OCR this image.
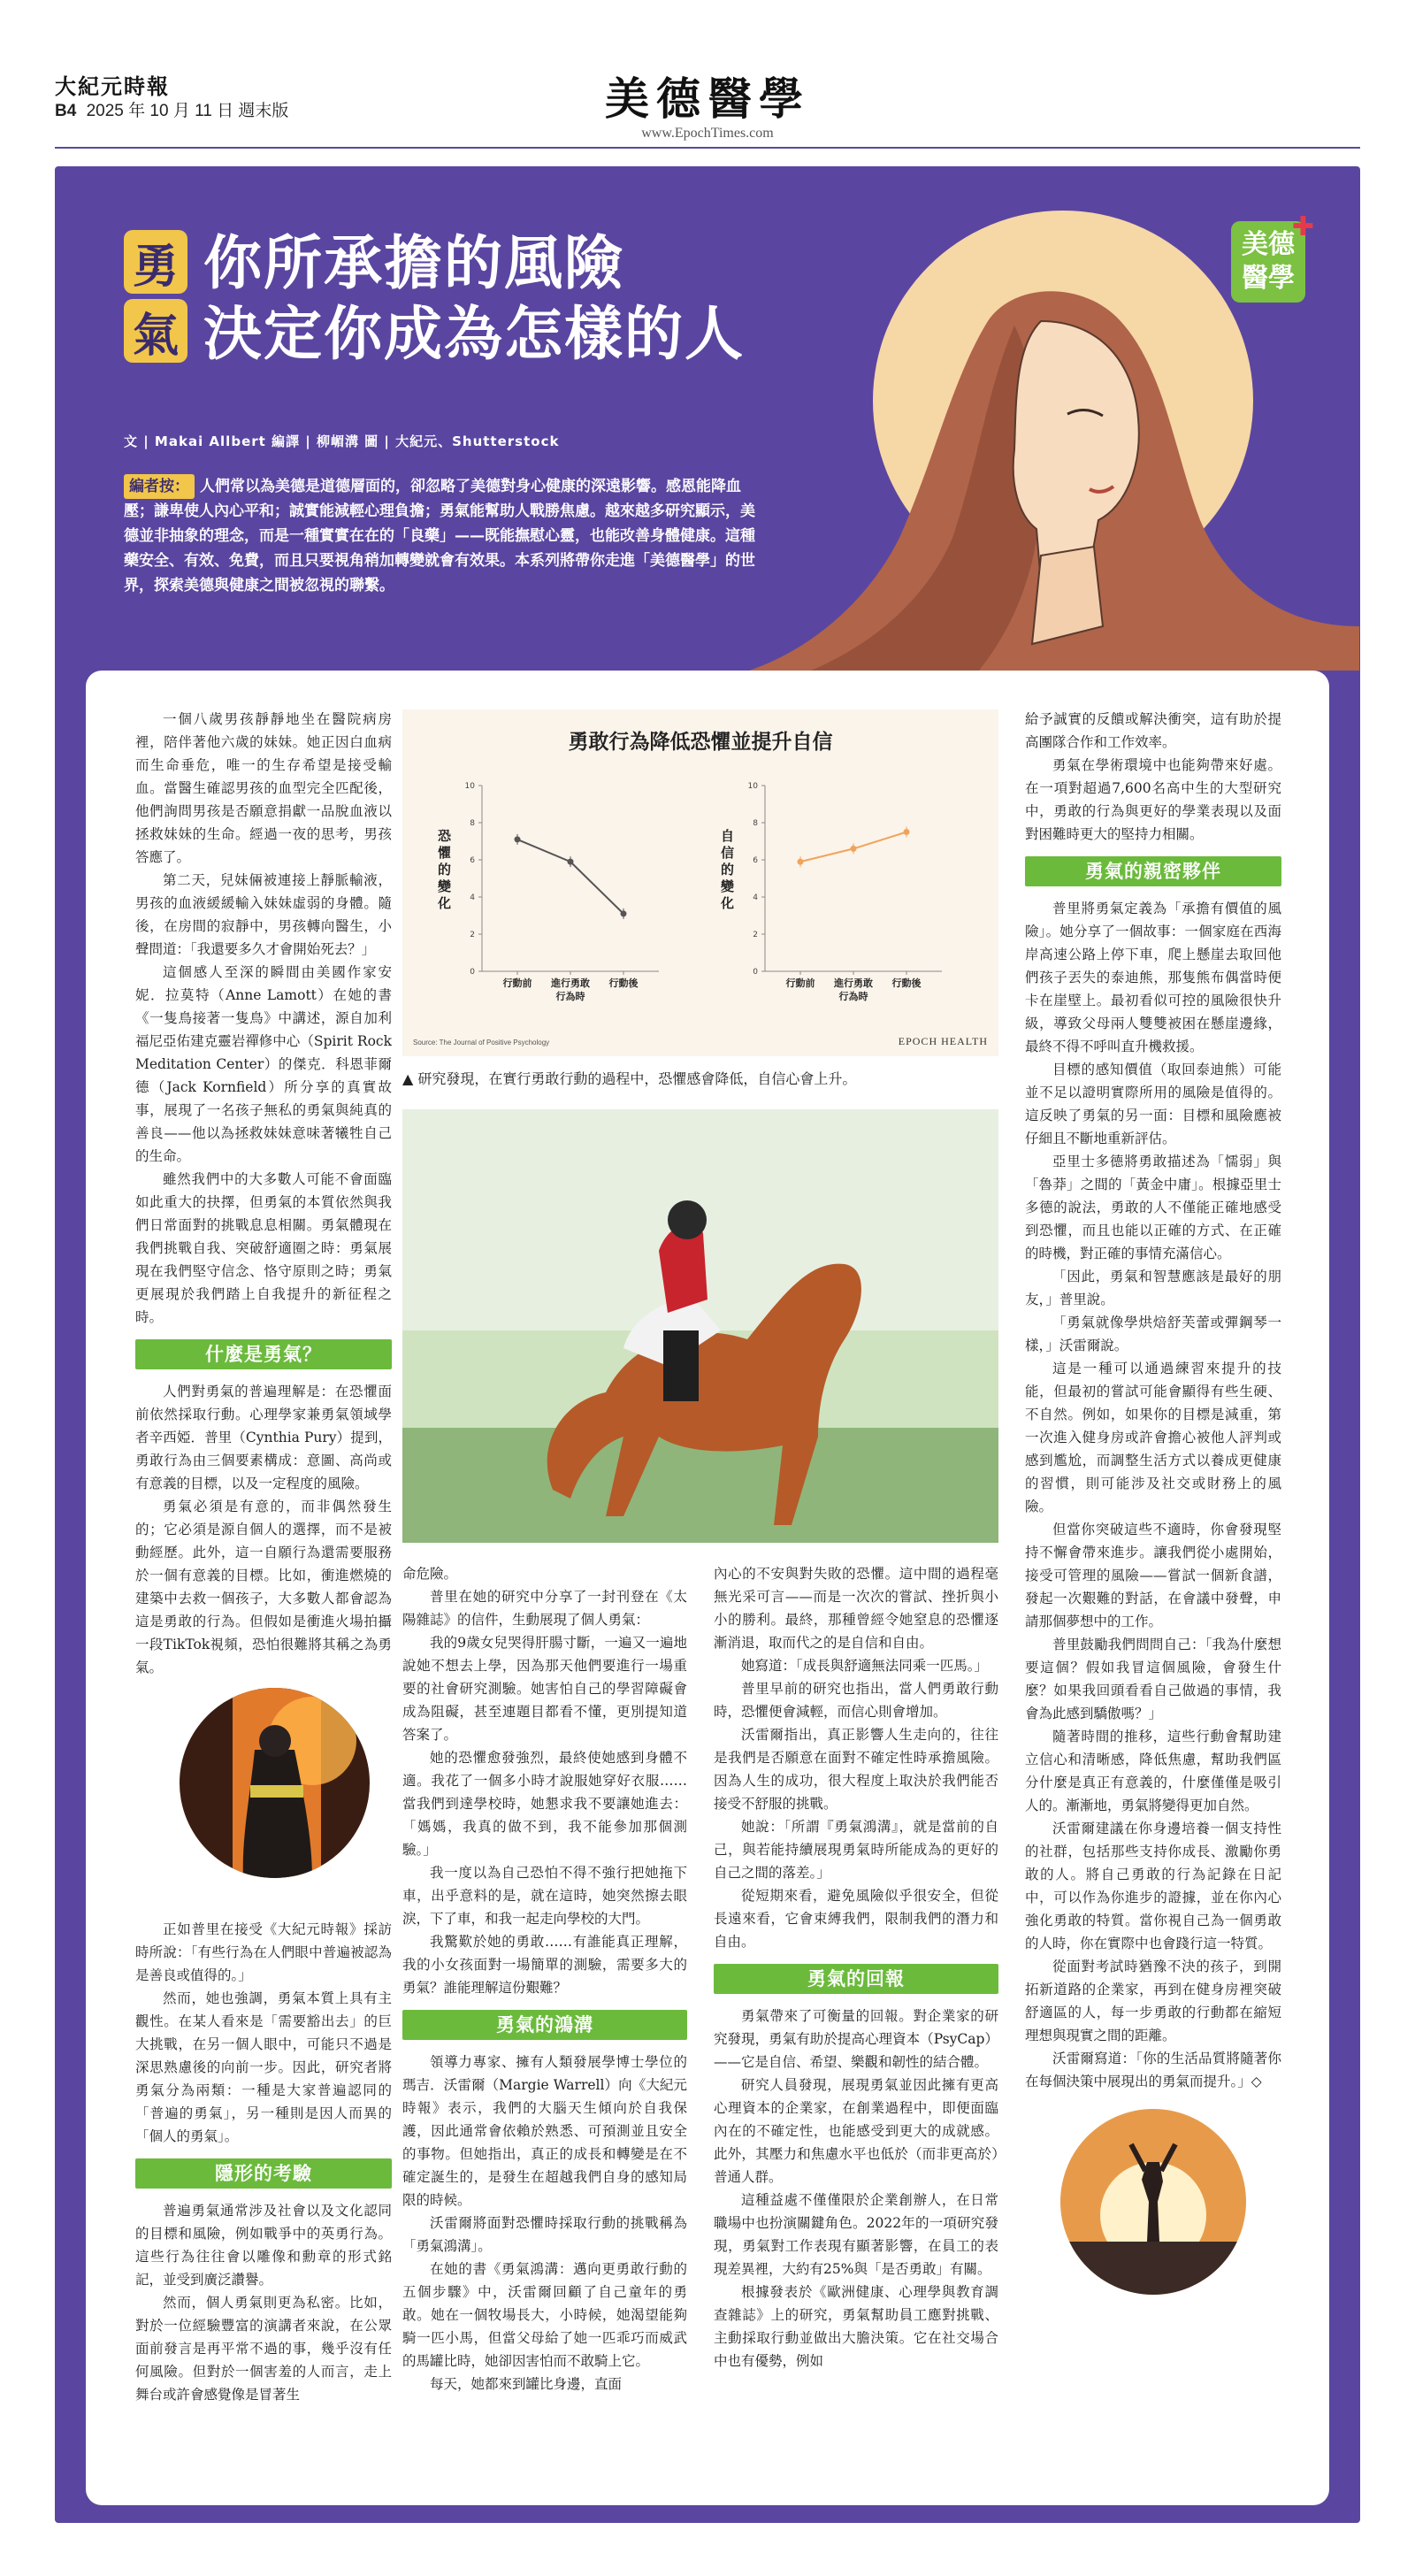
大紀元時報
B4 2025 年 10 月 11 日 週末版	美德醫學
www.EpochTimes.com
勇
氣
你所承擔的風險
決定你成為怎樣的人
✚
美德
醫學
文 | Makai Allbert 編譯 | 柳嵋溝 圖 | 大紀元、Shutterstock
編者按： 人們常以為美德是道德層面的，卻忽略了美德對身心健康的深遠影響。感恩能降血壓；謙卑使人內心平和；誠實能減輕心理負擔；勇氣能幫助人戰勝焦慮。越來越多研究顯示，美德並非抽象的理念，而是一種實實在在的「良藥」——既能撫慰心靈，也能改善身體健康。這種藥安全、有效、免費，而且只要視角稍加轉變就會有效果。本系列將帶你走進「美德醫學」的世界，探索美德與健康之間被忽視的聯繫。

一個八歲男孩靜靜地坐在醫院病房裡，陪伴著他六歲的妹妹。她正因白血病而生命垂危，唯一的生存希望是接受輸血。當醫生確認男孩的血型完全匹配後，他們詢問男孩是否願意捐獻一品脫血液以拯救妹妹的生命。經過一夜的思考，男孩答應了。

第二天，兒妹倆被連接上靜脈輸液，男孩的血液緩緩輸入妹妹虛弱的身體。隨後，在房間的寂靜中，男孩轉向醫生，小聲問道：「我還要多久才會開始死去？」

這個感人至深的瞬間由美國作家安妮．拉莫特（Anne Lamott）在她的書《一隻鳥接著一隻鳥》中講述，源自加利福尼亞佑建克靈岩禪修中心（Spirit Rock Meditation Center）的傑克．科恩菲爾德（Jack Kornfield）所分享的真實故事，展現了一名孩子無私的勇氣與純真的善良——他以為拯救妹妹意味著犧牲自己的生命。

雖然我們中的大多數人可能不會面臨如此重大的抉擇，但勇氣的本質依然與我們日常面對的挑戰息息相關。勇氣體現在我們挑戰自我、突破舒適圈之時：勇氣展現在我們堅守信念、恪守原則之時；勇氣更展現於我們踏上自我提升的新征程之時。

什麼是勇氣？

人們對勇氣的普遍理解是：在恐懼面前依然採取行動。心理學家兼勇氣領域學者辛西婭．普里（Cynthia Pury）提到，勇敢行為由三個要素構成：意圖、高尚或有意義的目標，以及一定程度的風險。

勇氣必須是有意的，而非偶然發生的；它必須是源自個人的選擇，而不是被動經歷。此外，這一自願行為還需要服務於一個有意義的目標。比如，衝進燃燒的建築中去救一個孩子，大多數人都會認為這是勇敢的行為。但假如是衝進火場拍攝一段TikTok視頻，恐怕很難將其稱之為勇氣。

正如普里在接受《大紀元時報》採訪時所說：「有些行為在人們眼中普遍被認為是善良或值得的。」

然而，她也強調，勇氣本質上具有主觀性。在某人看來是「需要豁出去」的巨大挑戰，在另一個人眼中，可能只不過是深思熟慮後的向前一步。因此，研究者將勇氣分為兩類：一種是大家普遍認同的「普遍的勇氣」，另一種則是因人而異的「個人的勇氣」。

隱形的考驗

普遍勇氣通常涉及社會以及文化認同的目標和風險，例如戰爭中的英勇行為。這些行為往往會以雕像和勳章的形式銘記，並受到廣泛讚譽。

然而，個人勇氣則更為私密。比如，對於一位經驗豐富的演講者來說，在公眾面前發言是再平常不過的事，幾乎沒有任何風險。但對於一個害羞的人而言，走上舞台或許會感覺像是冒著生

勇敢行為降低恐懼並提升自信
0
2
4
6
8
10
恐懼的變化
行動前 進行勇敢
行為時
行動後
0
2
4
6
8
10
自信的變化
行動前 進行勇敢
行為時
行動後
Source: The Journal of Positive Psychology	EPOCH HEALTH
▲ 研究發現，在實行勇敢行動的過程中，恐懼感會降低，自信心會上升。

命危險。

普里在她的研究中分享了一封刊登在《太陽雜誌》的信件，生動展現了個人勇氣：

我的9歲女兒哭得肝腸寸斷，一遍又一遍地說她不想去上學，因為那天他們要進行一場重要的社會研究測驗。她害怕自己的學習障礙會成為阻礙，甚至連題目都看不懂，更別提知道答案了。

她的恐懼愈發強烈，最終使她感到身體不適。我花了一個多小時才說服她穿好衣服……當我們到達學校時，她懇求我不要讓她進去：「媽媽，我真的做不到，我不能參加那個測驗。」

我一度以為自己恐怕不得不強行把她拖下車，出乎意料的是，就在這時，她突然擦去眼淚，下了車，和我一起走向學校的大門。

我驚歎於她的勇敢……有誰能真正理解，我的小女孩面對一場簡單的測驗，需要多大的勇氣？誰能理解這份艱難？

勇氣的鴻溝

領導力專家、擁有人類發展學博士學位的瑪吉．沃雷爾（Margie Warrell）向《大紀元時報》表示，我們的大腦天生傾向於自我保護，因此通常會依賴於熟悉、可預測並且安全的事物。但她指出，真正的成長和轉變是在不確定誕生的，是發生在超越我們自身的感知局限的時候。

沃雷爾將面對恐懼時採取行動的挑戰稱為「勇氣鴻溝」。

在她的書《勇氣鴻溝：邁向更勇敢行動的五個步驟》中，沃雷爾回顧了自己童年的勇敢。她在一個牧場長大，小時候，她渴望能夠騎一匹小馬，但當父母給了她一匹乖巧而威武的馬罐比時，她卻因害怕而不敢騎上它。

每天，她都來到罐比身邊，直面

內心的不安與對失敗的恐懼。這中間的過程毫無光采可言——而是一次次的嘗試、挫折與小小的勝利。最終，那種曾經令她窒息的恐懼逐漸消退，取而代之的是自信和自由。

她寫道：「成長與舒適無法同乘一匹馬。」

普里早前的研究也指出，當人們勇敢行動時，恐懼便會減輕，而信心則會增加。

沃雷爾指出，真正影響人生走向的，往往是我們是否願意在面對不確定性時承擔風險。因為人生的成功，很大程度上取決於我們能否接受不舒服的挑戰。

她說：「所謂『勇氣鴻溝』，就是當前的自己，與若能持續展現勇氣時所能成為的更好的自己之間的落差。」

從短期來看，避免風險似乎很安全，但從長遠來看，它會束縛我們，限制我們的潛力和自由。

勇氣的回報

勇氣帶來了可衡量的回報。對企業家的研究發現，勇氣有助於提高心理資本（PsyCap）——它是自信、希望、樂觀和韌性的結合體。

研究人員發現，展現勇氣並因此擁有更高心理資本的企業家，在創業過程中，即便面臨內在的不確定性，也能感受到更大的成就感。此外，其壓力和焦慮水平也低於（而非更高於）普通人群。

這種益處不僅僅限於企業創辦人，在日常職場中也扮演關鍵角色。2022年的一項研究發現，勇氣對工作表現有顯著影響，在員工的表現差異裡，大約有25%與「是否勇敢」有關。

根據發表於《歐洲健康、心理學與教育調查雜誌》上的研究，勇氣幫助員工應對挑戰、主動採取行動並做出大膽決策。它在社交場合中也有優勢，例如

給予誠實的反饋或解決衝突，這有助於提高團隊合作和工作效率。

勇氣在學術環境中也能夠帶來好處。在一項對超過7,600名高中生的大型研究中，勇敢的行為與更好的學業表現以及面對困難時更大的堅持力相關。

勇氣的親密夥伴

普里將勇氣定義為「承擔有價值的風險」。她分享了一個故事：一個家庭在西海岸高速公路上停下車，爬上懸崖去取回他們孩子丟失的泰迪熊，那隻熊布偶當時便卡在崖壁上。最初看似可控的風險很快升級，導致父母兩人雙雙被困在懸崖邊緣，最終不得不呼叫直升機救援。

目標的感知價值（取回泰迪熊）可能並不足以證明實際所用的風險是值得的。這反映了勇氣的另一面：目標和風險應被仔細且不斷地重新評估。

亞里士多德將勇敢描述為「懦弱」與「魯莽」之間的「黃金中庸」。根據亞里士多德的說法，勇敢的人不僅能正確地感受到恐懼，而且也能以正確的方式、在正確的時機，對正確的事情充滿信心。

「因此，勇氣和智慧應該是最好的朋友，」普里說。

「勇氣就像學烘焙舒芙蕾或彈鋼琴一樣，」沃雷爾說。

這是一種可以通過練習來提升的技能，但最初的嘗試可能會顯得有些生硬、不自然。例如，如果你的目標是減重，第一次進入健身房或許會擔心被他人評判或感到尷尬，而調整生活方式以養成更健康的習慣，則可能涉及社交或財務上的風險。

但當你突破這些不適時，你會發現堅持不懈會帶來進步。讓我們從小處開始，接受可管理的風險——嘗試一個新食譜，發起一次艱難的對話，在會議中發聲，申請那個夢想中的工作。

普里鼓勵我們問問自己：「我為什麼想要這個？假如我冒這個風險，會發生什麼？如果我回頭看看自己做過的事情，我會為此感到驕傲嗎？」

隨著時間的推移，這些行動會幫助建立信心和清晰感，降低焦慮，幫助我們區分什麼是真正有意義的，什麼僅僅是吸引人的。漸漸地，勇氣將變得更加自然。

沃雷爾建議在你身邊培養一個支持性的社群，包括那些支持你成長、激勵你勇敢的人。將自己勇敢的行為記錄在日記中，可以作為你進步的證據，並在你內心強化勇敢的特質。當你視自己為一個勇敢的人時，你在實際中也會踐行這一特質。

從面對考試時猶豫不決的孩子，到開拓新道路的企業家，再到在健身房裡突破舒適區的人，每一步勇敢的行動都在縮短理想與現實之間的距離。

沃雷爾寫道：「你的生活品質將隨著你在每個決策中展現出的勇氣而提升。」◇
